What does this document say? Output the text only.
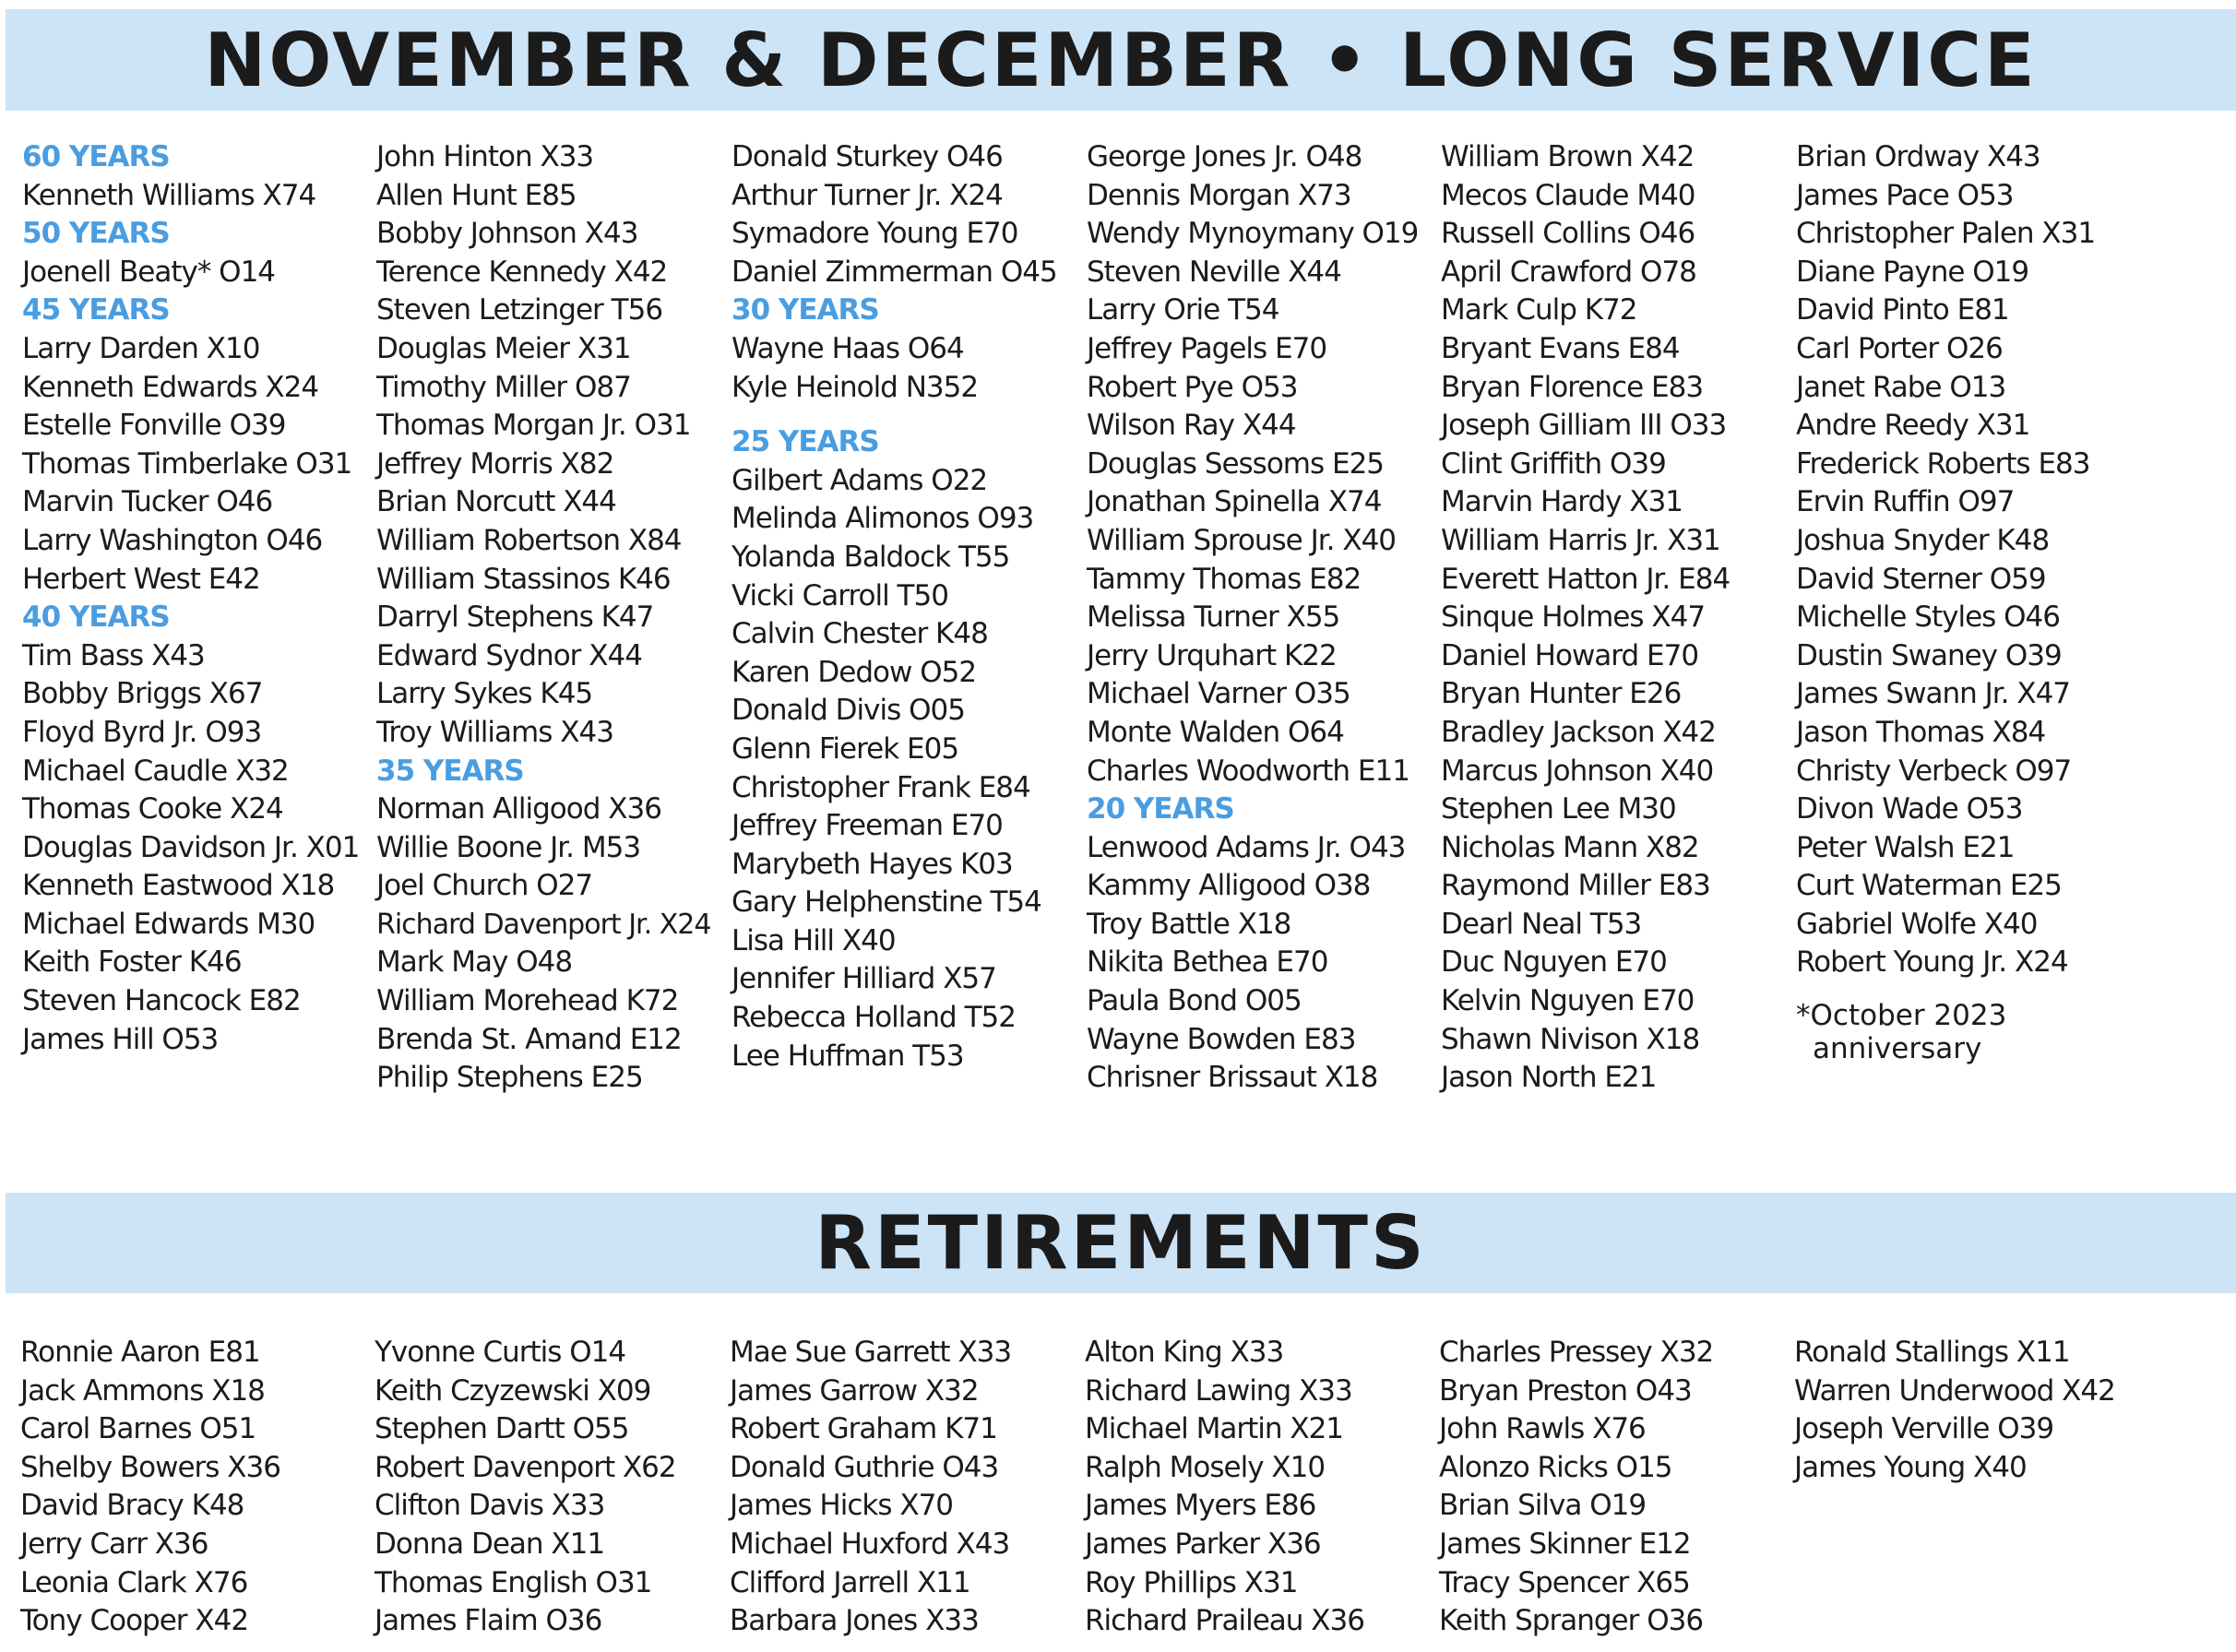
NOVEMBER & DECEMBER • LONG SERVICE
60 YEARS
Kenneth Williams X74
50 YEARS
Joenell Beaty* O14
45 YEARS
Larry Darden X10
Kenneth Edwards X24
Estelle Fonville O39
Thomas Timberlake O31
Marvin Tucker O46
Larry Washington O46
Herbert West E42
40 YEARS
Tim Bass X43
Bobby Briggs X67
Floyd Byrd Jr. O93
Michael Caudle X32
Thomas Cooke X24
Douglas Davidson Jr. X01
Kenneth Eastwood X18
Michael Edwards M30
Keith Foster K46
Steven Hancock E82
James Hill O53
John Hinton X33
Allen Hunt E85
Bobby Johnson X43
Terence Kennedy X42
Steven Letzinger T56
Douglas Meier X31
Timothy Miller O87
Thomas Morgan Jr. O31
Jeffrey Morris X82
Brian Norcutt X44
William Robertson X84
William Stassinos K46
Darryl Stephens K47
Edward Sydnor X44
Larry Sykes K45
Troy Williams X43
35 YEARS
Norman Alligood X36
Willie Boone Jr. M53
Joel Church O27
Richard Davenport Jr. X24
Mark May O48
William Morehead K72
Brenda St. Amand E12
Philip Stephens E25
Donald Sturkey O46
Arthur Turner Jr. X24
Symadore Young E70
Daniel Zimmerman O45
30 YEARS
Wayne Haas O64
Kyle Heinold N352
25 YEARS
Gilbert Adams O22
Melinda Alimonos O93
Yolanda Baldock T55
Vicki Carroll T50
Calvin Chester K48
Karen Dedow O52
Donald Divis O05
Glenn Fierek E05
Christopher Frank E84
Jeffrey Freeman E70
Marybeth Hayes K03
Gary Helphenstine T54
Lisa Hill X40
Jennifer Hilliard X57
Rebecca Holland T52
Lee Huffman T53
George Jones Jr. O48
Dennis Morgan X73
Wendy Mynoymany O19
Steven Neville X44
Larry Orie T54
Jeffrey Pagels E70
Robert Pye O53
Wilson Ray X44
Douglas Sessoms E25
Jonathan Spinella X74
William Sprouse Jr. X40
Tammy Thomas E82
Melissa Turner X55
Jerry Urquhart K22
Michael Varner O35
Monte Walden O64
Charles Woodworth E11
20 YEARS
Lenwood Adams Jr. O43
Kammy Alligood O38
Troy Battle X18
Nikita Bethea E70
Paula Bond O05
Wayne Bowden E83
Chrisner Brissaut X18
William Brown X42
Mecos Claude M40
Russell Collins O46
April Crawford O78
Mark Culp K72
Bryant Evans E84
Bryan Florence E83
Joseph Gilliam III O33
Clint Griffith O39
Marvin Hardy X31
William Harris Jr. X31
Everett Hatton Jr. E84
Sinque Holmes X47
Daniel Howard E70
Bryan Hunter E26
Bradley Jackson X42
Marcus Johnson X40
Stephen Lee M30
Nicholas Mann X82
Raymond Miller E83
Dearl Neal T53
Duc Nguyen E70
Kelvin Nguyen E70
Shawn Nivison X18
Jason North E21
Brian Ordway X43
James Pace O53
Christopher Palen X31
Diane Payne O19
David Pinto E81
Carl Porter O26
Janet Rabe O13
Andre Reedy X31
Frederick Roberts E83
Ervin Ruffin O97
Joshua Snyder K48
David Sterner O59
Michelle Styles O46
Dustin Swaney O39
James Swann Jr. X47
Jason Thomas X84
Christy Verbeck O97
Divon Wade O53
Peter Walsh E21
Curt Waterman E25
Gabriel Wolfe X40
Robert Young Jr. X24
*October 2023
anniversary
RETIREMENTS
Ronnie Aaron E81
Jack Ammons X18
Carol Barnes O51
Shelby Bowers X36
David Bracy K48
Jerry Carr X36
Leonia Clark X76
Tony Cooper X42
Yvonne Curtis O14
Keith Czyzewski X09
Stephen Dartt O55
Robert Davenport X62
Clifton Davis X33
Donna Dean X11
Thomas English O31
James Flaim O36
Mae Sue Garrett X33
James Garrow X32
Robert Graham K71
Donald Guthrie O43
James Hicks X70
Michael Huxford X43
Clifford Jarrell X11
Barbara Jones X33
Alton King X33
Richard Lawing X33
Michael Martin X21
Ralph Mosely X10
James Myers E86
James Parker X36
Roy Phillips X31
Richard Praileau X36
Charles Pressey X32
Bryan Preston O43
John Rawls X76
Alonzo Ricks O15
Brian Silva O19
James Skinner E12
Tracy Spencer X65
Keith Spranger O36
Ronald Stallings X11
Warren Underwood X42
Joseph Verville O39
James Young X40
